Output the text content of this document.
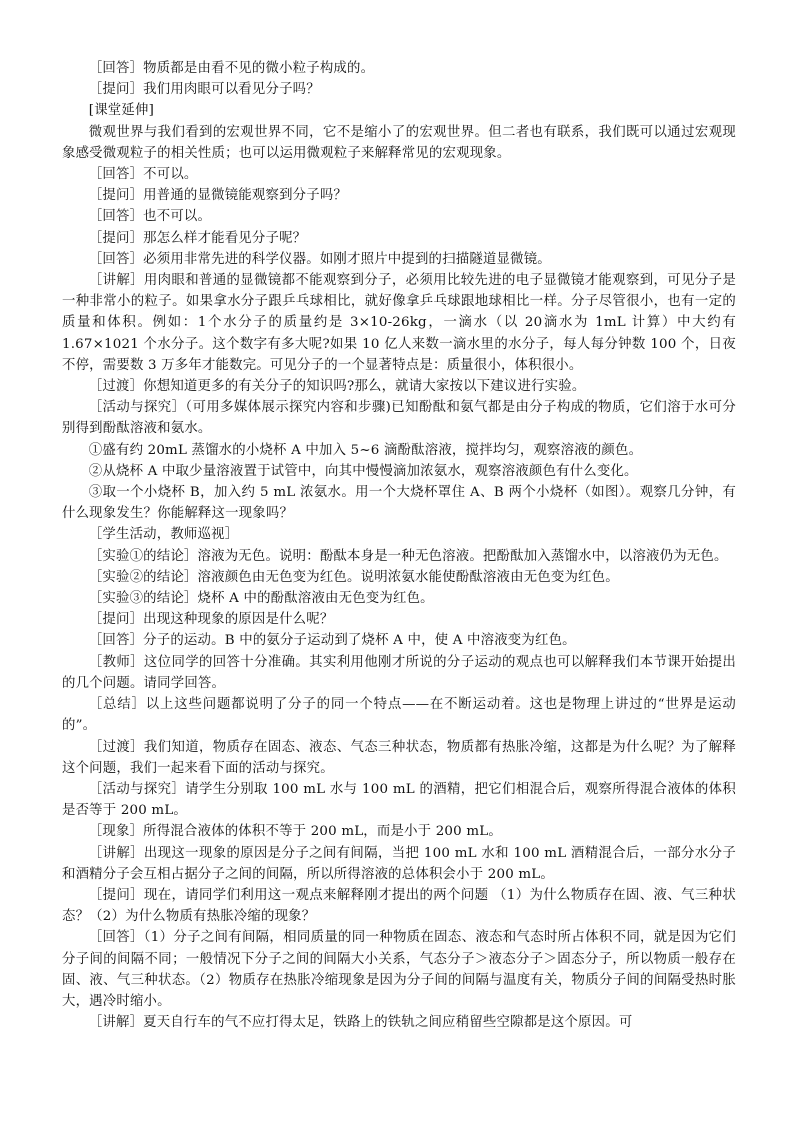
［回答］物质都是由看不见的微小粒子构成的。

［提问］我们用肉眼可以看见分子吗？

[课堂延伸]

微观世界与我们看到的宏观世界不同，它不是缩小了的宏观世界。但二者也有联系，我们既可以通过宏观现象感受微观粒子的相关性质；也可以运用微观粒子来解释常见的宏观现象。

［回答］不可以。

［提问］用普通的显微镜能观察到分子吗？

［回答］也不可以。

［提问］那怎么样才能看见分子呢？

［回答］必须用非常先进的科学仪器。如刚才照片中提到的扫描隧道显微镜。

［讲解］用肉眼和普通的显微镜都不能观察到分子，必须用比较先进的电子显微镜才能观察到，可见分子是一种非常小的粒子。如果拿水分子跟乒乓球相比，就好像拿乒乓球跟地球相比一样。分子尽管很小，也有一定的质量和体积。例如：1个水分子的质量约是 3×10-26kg，一滴水（以 20滴水为 1mL 计算）中大约有 1.67×1021 个水分子。这个数字有多大呢?如果 10 亿人来数一滴水里的水分子，每人每分钟数 100 个，日夜不停，需要数 3 万多年才能数完。可见分子的一个显著特点是：质量很小，体积很小。

［过渡］你想知道更多的有关分子的知识吗?那么，就请大家按以下建议进行实验。

［活动与探究］（可用多媒体展示探究内容和步骤)已知酚酞和氨气都是由分子构成的物质，它们溶于水可分别得到酚酞溶液和氨水。

①盛有约 20mL 蒸馏水的小烧杯 A 中加入 5~6 滴酚酞溶液，搅拌均匀，观察溶液的颜色。

②从烧杯 A 中取少量溶液置于试管中，向其中慢慢滴加浓氨水，观察溶液颜色有什么变化。

③取一个小烧杯 B，加入约 5 mL 浓氨水。用一个大烧杯罩住 A、B 两个小烧杯（如图）。观察几分钟，有什么现象发生？你能解释这一现象吗？

［学生活动，教师巡视］

［实验①的结论］溶液为无色。说明：酚酞本身是一种无色溶液。把酚酞加入蒸馏水中，以溶液仍为无色。

［实验②的结论］溶液颜色由无色变为红色。说明浓氨水能使酚酞溶液由无色变为红色。

［实验③的结论］烧杯 A 中的酚酞溶液由无色变为红色。

［提问］出现这种现象的原因是什么呢？

［回答］分子的运动。B 中的氨分子运动到了烧杯 A 中，使 A 中溶液变为红色。

［教师］这位同学的回答十分准确。其实利用他刚才所说的分子运动的观点也可以解释我们本节课开始提出的几个问题。请同学回答。

［总结］以上这些问题都说明了分子的同一个特点——在不断运动着。这也是物理上讲过的“世界是运动的”。

［过渡］我们知道，物质存在固态、液态、气态三种状态，物质都有热胀冷缩，这都是为什么呢？为了解释这个问题，我们一起来看下面的活动与探究。

［活动与探究］请学生分别取 100 mL 水与 100 mL 的酒精，把它们相混合后，观察所得混合液体的体积是否等于 200 mL。

［现象］所得混合液体的体积不等于 200 mL，而是小于 200 mL。

［讲解］出现这一现象的原因是分子之间有间隔，当把 100 mL 水和 100 mL 酒精混合后，一部分水分子和酒精分子会互相占据分子之间的间隔，所以所得溶液的总体积会小于 200 mL。

［提问］现在，请同学们利用这一观点来解释刚才提出的两个问题 （1）为什么物质存在固、液、气三种状态？（2）为什么物质有热胀冷缩的现象？

［回答］（1）分子之间有间隔，相同质量的同一种物质在固态、液态和气态时所占体积不同，就是因为它们分子间的间隔不同；一般情况下分子之间的间隔大小关系，气态分子＞液态分子＞固态分子，所以物质一般存在固、液、气三种状态。（2）物质存在热胀冷缩现象是因为分子间的间隔与温度有关，物质分子间的间隔受热时胀大，遇冷时缩小。

［讲解］夏天自行车的气不应打得太足，铁路上的铁轨之间应稍留些空隙都是这个原因。可
